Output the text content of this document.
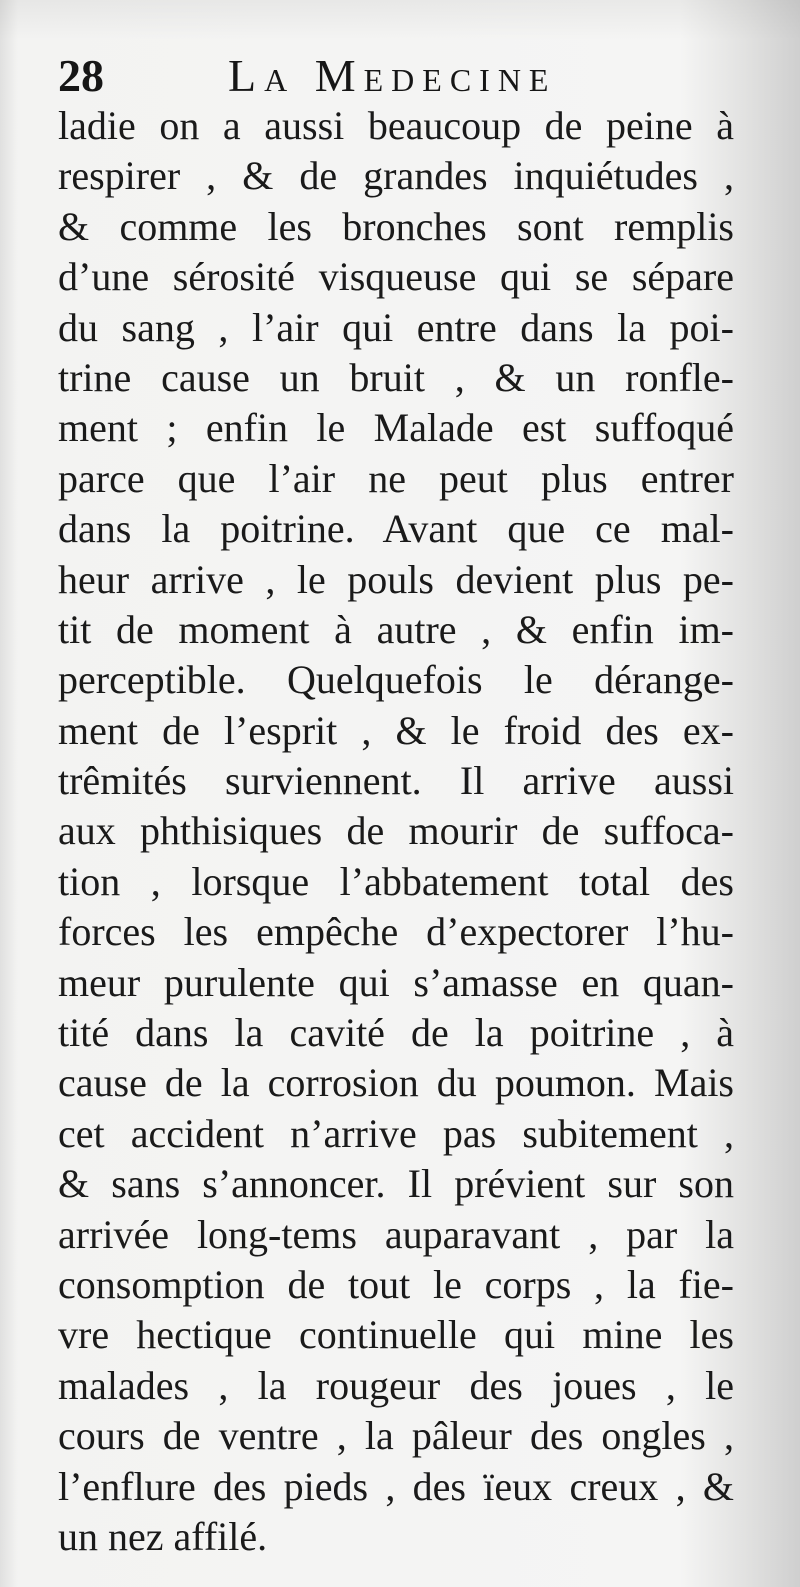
28	La Medecine
ladie on a aussi beaucoup de peine à
respirer , & de grandes inquiétudes ,
& comme les bronches sont remplis
d’une sérosité visqueuse qui se sépare
du sang , l’air qui entre dans la poi-
trine cause un bruit , & un ronfle-
ment ; enfin le Malade est suffoqué
parce que l’air ne peut plus entrer
dans la poitrine. Avant que ce mal-
heur arrive , le pouls devient plus pe-
tit de moment à autre , & enfin im-
perceptible. Quelquefois le dérange-
ment de l’esprit , & le froid des ex-
trêmités surviennent. Il arrive aussi
aux phthisiques de mourir de suffoca-
tion , lorsque l’abbatement total des
forces les empêche d’expectorer l’hu-
meur purulente qui s’amasse en quan-
tité dans la cavité de la poitrine , à
cause de la corrosion du poumon. Mais
cet accident n’arrive pas subitement ,
& sans s’annoncer. Il prévient sur son
arrivée long-tems auparavant , par la
consomption de tout le corps , la fie-
vre hectique continuelle qui mine les
malades , la rougeur des joues , le
cours de ventre , la pâleur des ongles ,
l’enflure des pieds , des ïeux creux , &
un nez affilé.
